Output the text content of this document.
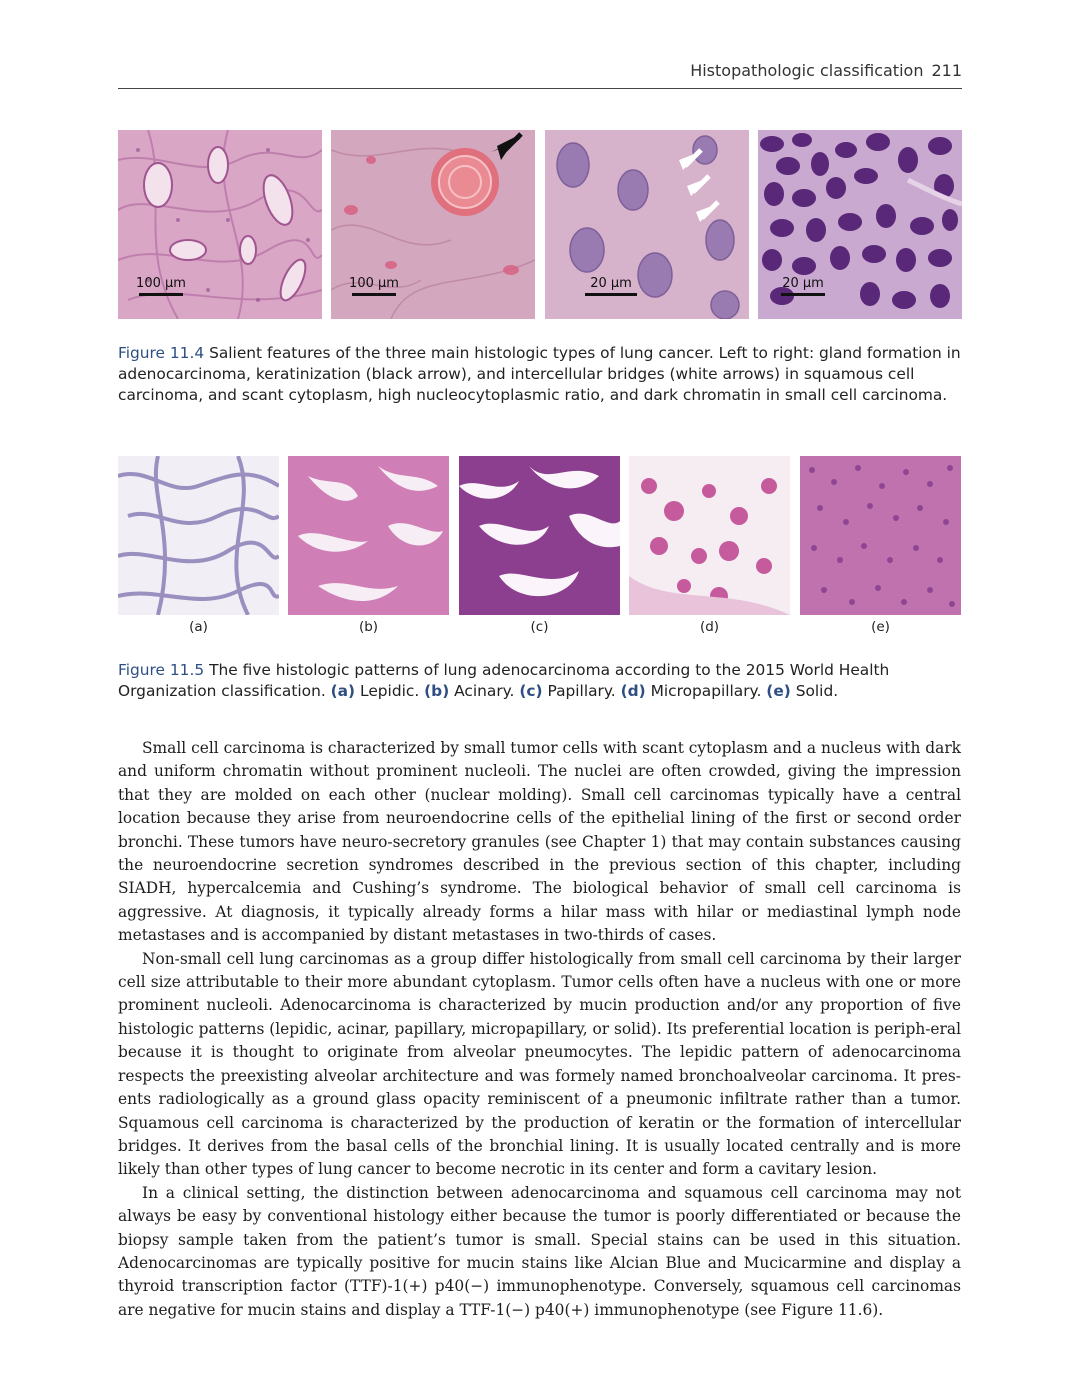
Histopathologic classification 211
100 µm	100 µm	20 µm	20 µm
Figure 11.4 Salient features of the three main histologic types of lung cancer. Left to right: gland formation in adenocarcinoma, keratinization (black arrow), and intercellular bridges (white arrows) in squamous cell carcinoma, and scant cytoplasm, high nucleocytoplasmic ratio, and dark chromatin in small cell carcinoma.
(a)	(b)	(c)	(d)	(e)
Figure 11.5 The five histologic patterns of lung adenocarcinoma according to the 2015 World Health Organization classification. (a) Lepidic. (b) Acinary. (c) Papillary. (d) Micropapillary. (e) Solid.

Small cell carcinoma is characterized by small tumor cells with scant cytoplasm and a nucleus with dark and uniform chromatin without prominent nucleoli. The nuclei are often crowded, giving the impression that they are molded on each other (nuclear molding). Small cell carcinomas typically have a central location because they arise from neuroendocrine cells of the epithelial lining of the first or second order bronchi. These tumors have neuro-secretory granules (see Chapter 1) that may contain substances causing the neuroendocrine secretion syndromes described in the previous section of this chapter, including SIADH, hypercalcemia and Cushing’s syndrome. The biological behavior of small cell carcinoma is aggressive. At diagnosis, it typically already forms a hilar mass with hilar or mediastinal lymph node metastases and is accompanied by distant metastases in two-thirds of cases.

Non-small cell lung carcinomas as a group differ histologically from small cell carcinoma by their larger cell size attributable to their more abundant cytoplasm. Tumor cells often have a nucleus with one or more prominent nucleoli. Adenocarcinoma is characterized by mucin production and/or any proportion of five histologic patterns (lepidic, acinar, papillary, micropapillary, or solid). Its preferential location is periph-eral because it is thought to originate from alveolar pneumocytes. The lepidic pattern of adenocarcinoma respects the preexisting alveolar architecture and was formely named bronchoalveolar carcinoma. It pres-ents radiologically as a ground glass opacity reminiscent of a pneumonic infiltrate rather than a tumor. Squamous cell carcinoma is characterized by the production of keratin or the formation of intercellular bridges. It derives from the basal cells of the bronchial lining. It is usually located centrally and is more likely than other types of lung cancer to become necrotic in its center and form a cavitary lesion.

In a clinical setting, the distinction between adenocarcinoma and squamous cell carcinoma may not always be easy by conventional histology either because the tumor is poorly differentiated or because the biopsy sample taken from the patient’s tumor is small. Special stains can be used in this situation. Adenocarcinomas are typically positive for mucin stains like Alcian Blue and Mucicarmine and display a thyroid transcription factor (TTF)-1(+) p40(−) immunophenotype. Conversely, squamous cell carcinomas are negative for mucin stains and display a TTF-1(−) p40(+) immunophenotype (see Figure 11.6).
